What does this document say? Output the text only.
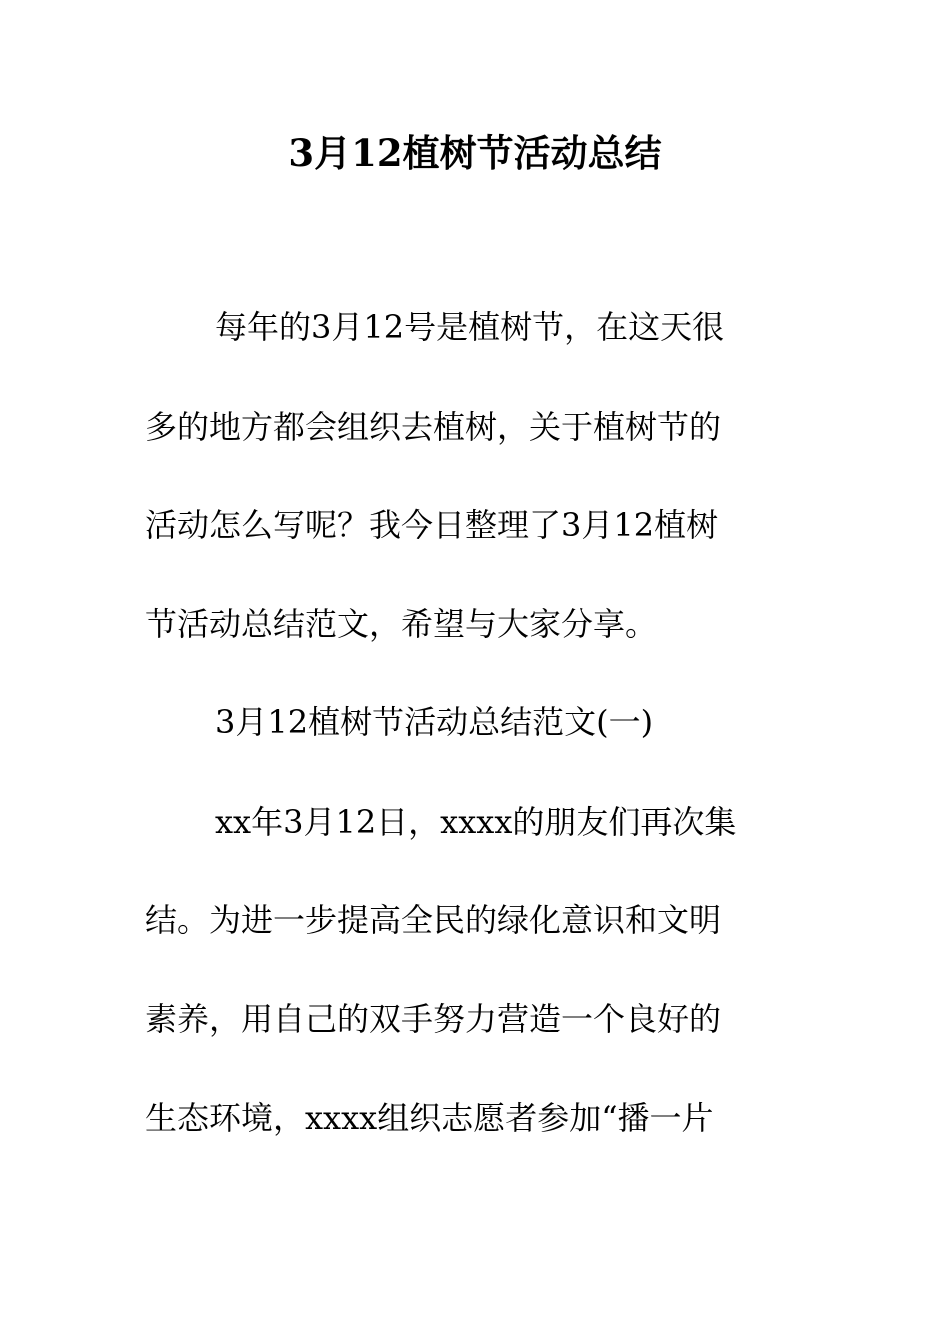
3月12植树节活动总结
每年的3月12号是植树节，在这天很
多的地方都会组织去植树，关于植树节的
活动怎么写呢？我今日整理了3月12植树
节活动总结范文，希望与大家分享。
3月12植树节活动总结范文(一)
xx年3月12日，xxxx的朋友们再次集
结。为进一步提高全民的绿化意识和文明
素养，用自己的双手努力营造一个良好的
生态环境，xxxx组织志愿者参加“播一片
